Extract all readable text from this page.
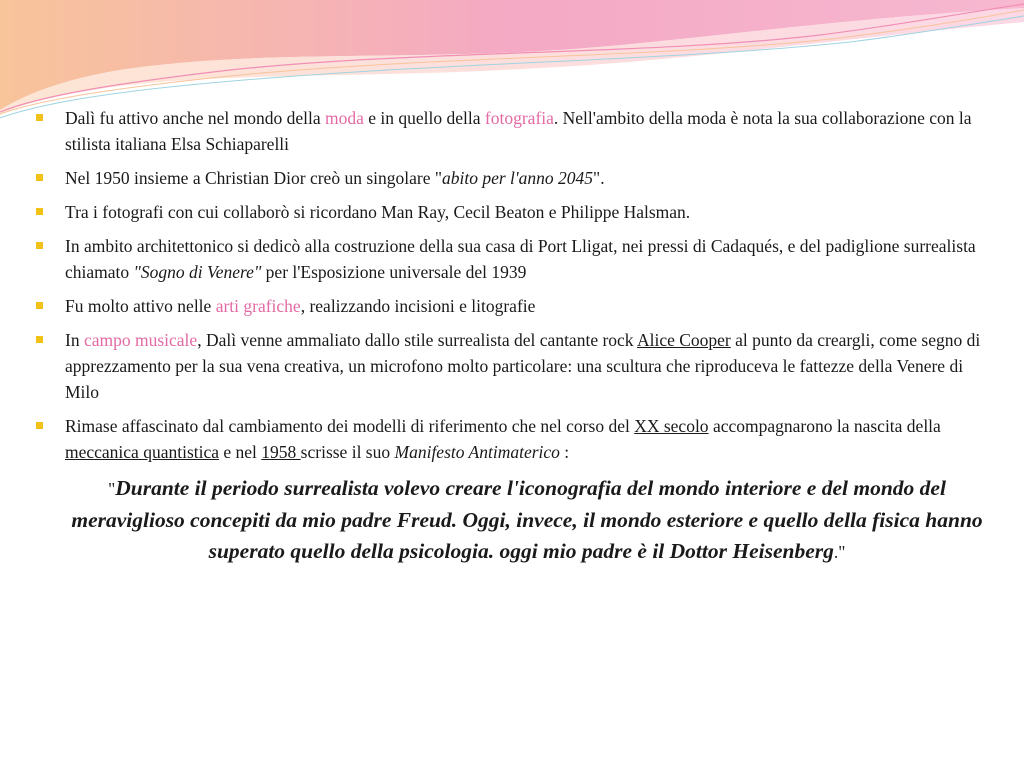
Dalì fu attivo anche nel mondo della moda e in quello della fotografia. Nell'ambito della moda è nota la sua collaborazione con la stilista italiana Elsa Schiaparelli
Nel 1950 insieme a Christian Dior creò un singolare "abito per l'anno 2045".
Tra i fotografi con cui collaborò si ricordano Man Ray, Cecil Beaton e Philippe Halsman.
In ambito architettonico si dedicò alla costruzione della sua casa di Port Lligat, nei pressi di Cadaqués, e del padiglione surrealista chiamato "Sogno di Venere" per l'Esposizione universale del 1939
Fu molto attivo nelle arti grafiche, realizzando incisioni e litografie
In campo musicale, Dalì venne ammaliato dallo stile surrealista del cantante rock Alice Cooper al punto da creargli, come segno di apprezzamento per la sua vena creativa, un microfono molto particolare: una scultura che riproduceva le fattezze della Venere di Milo
Rimase affascinato dal cambiamento dei modelli di riferimento che nel corso del XX secolo accompagnarono la nascita della meccanica quantistica e nel 1958 scrisse il suo Manifesto Antimaterico :
"Durante il periodo surrealista volevo creare l'iconografia del mondo interiore e del mondo del meraviglioso concepiti da mio padre Freud. Oggi, invece, il mondo esteriore e quello della fisica hanno superato quello della psicologia. oggi mio padre è il Dottor Heisenberg."
